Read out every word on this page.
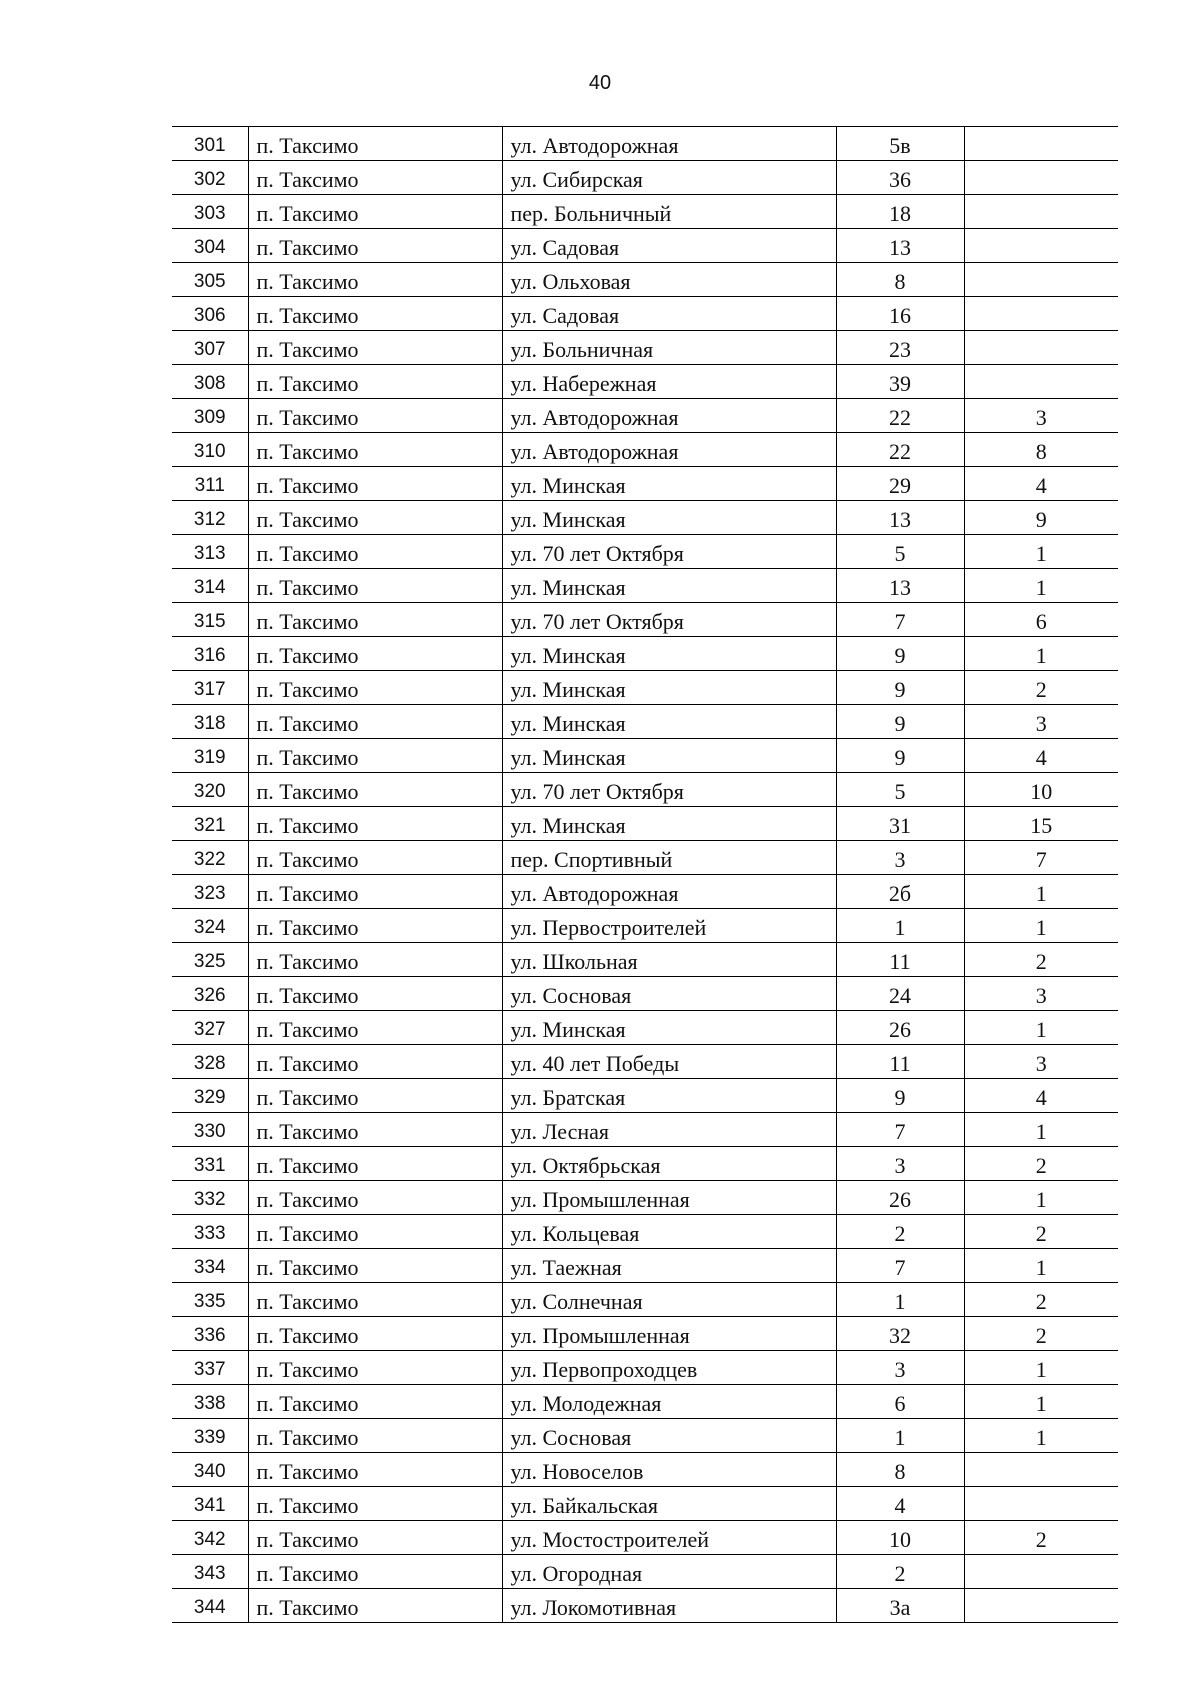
40
301	п. Таксимо	ул. Автодорожная	5в	
302	п. Таксимо	ул. Сибирская	36	
303	п. Таксимо	пер. Больничный	18	
304	п. Таксимо	ул. Садовая	13	
305	п. Таксимо	ул. Ольховая	8	
306	п. Таксимо	ул. Садовая	16	
307	п. Таксимо	ул. Больничная	23	
308	п. Таксимо	ул. Набережная	39	
309	п. Таксимо	ул. Автодорожная	22	3
310	п. Таксимо	ул. Автодорожная	22	8
311	п. Таксимо	ул. Минская	29	4
312	п. Таксимо	ул. Минская	13	9
313	п. Таксимо	ул. 70 лет Октября	5	1
314	п. Таксимо	ул. Минская	13	1
315	п. Таксимо	ул. 70 лет Октября	7	6
316	п. Таксимо	ул. Минская	9	1
317	п. Таксимо	ул. Минская	9	2
318	п. Таксимо	ул. Минская	9	3
319	п. Таксимо	ул. Минская	9	4
320	п. Таксимо	ул. 70 лет Октября	5	10
321	п. Таксимо	ул. Минская	31	15
322	п. Таксимо	пер. Спортивный	3	7
323	п. Таксимо	ул. Автодорожная	2б	1
324	п. Таксимо	ул. Первостроителей	1	1
325	п. Таксимо	ул. Школьная	11	2
326	п. Таксимо	ул. Сосновая	24	3
327	п. Таксимо	ул. Минская	26	1
328	п. Таксимо	ул. 40 лет Победы	11	3
329	п. Таксимо	ул. Братская	9	4
330	п. Таксимо	ул. Лесная	7	1
331	п. Таксимо	ул. Октябрьская	3	2
332	п. Таксимо	ул. Промышленная	26	1
333	п. Таксимо	ул. Кольцевая	2	2
334	п. Таксимо	ул. Таежная	7	1
335	п. Таксимо	ул. Солнечная	1	2
336	п. Таксимо	ул. Промышленная	32	2
337	п. Таксимо	ул. Первопроходцев	3	1
338	п. Таксимо	ул. Молодежная	6	1
339	п. Таксимо	ул. Сосновая	1	1
340	п. Таксимо	ул. Новоселов	8	
341	п. Таксимо	ул. Байкальская	4	
342	п. Таксимо	ул. Мостостроителей	10	2
343	п. Таксимо	ул. Огородная	2	
344	п. Таксимо	ул. Локомотивная	3а	
